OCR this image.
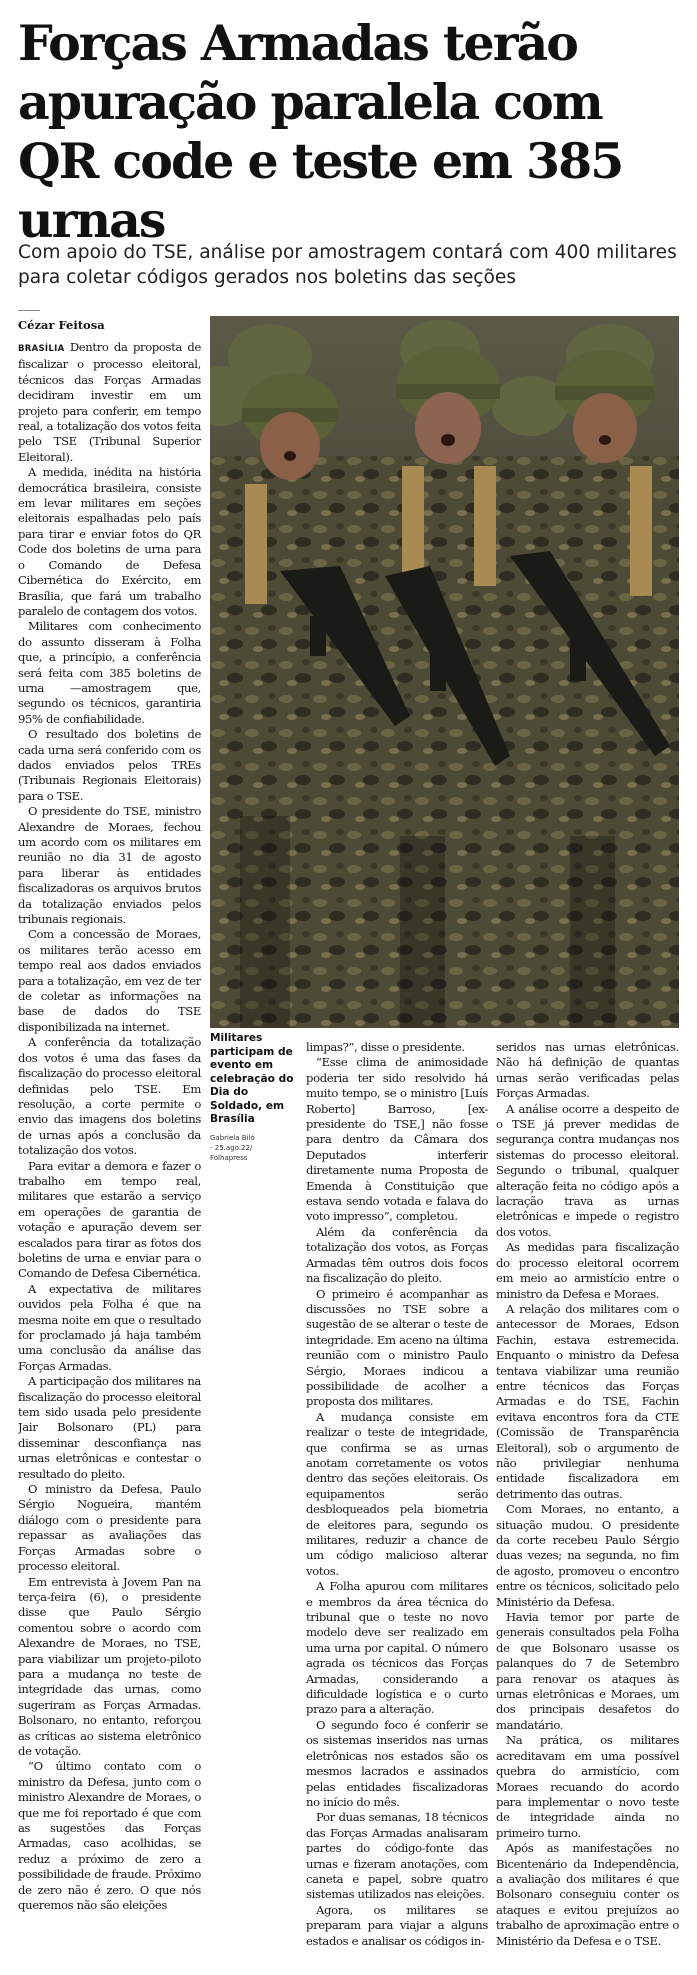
Forças Armadas terão apuração paralela com QR code e teste em 385 urnas

Com apoio do TSE, análise por amostragem contará com 400 militares para coletar códigos gerados nos boletins das seções

Cézar Feitosa

BRASÍLIA Dentro da proposta de fiscalizar o processo eleitoral, técnicos das Forças Armadas decidiram investir em um projeto para conferir, em tempo real, a totalização dos votos feita pelo TSE (Tribunal Superior Eleitoral).

A medida, inédita na história democrática brasileira, consiste em levar militares em seções eleitorais espalhadas pelo país para tirar e enviar fotos do QR Code dos boletins de urna para o Comando de Defesa Cibernética do Exército, em Brasília, que fará um trabalho paralelo de contagem dos votos.

Militares com conhecimento do assunto disseram à Folha que, a princípio, a conferência será feita com 385 boletins de urna —amostragem que, segundo os técnicos, garantiria 95% de confiabilidade.

O resultado dos boletins de cada urna será conferido com os dados enviados pelos TREs (Tribunais Regionais Eleitorais) para o TSE.

O presidente do TSE, ministro Alexandre de Moraes, fechou um acordo com os militares em reunião no dia 31 de agosto para liberar às entidades fiscalizadoras os arquivos brutos da totalização enviados pelos tribunais regionais.

Com a concessão de Moraes, os militares terão acesso em tempo real aos dados enviados para a totalização, em vez de ter de coletar as informações na base de dados do TSE disponibilizada na internet.

A conferência da totalização dos votos é uma das fases da fiscalização do processo eleitoral definidas pelo TSE. Em resolução, a corte permite o envio das imagens dos boletins de urnas após a conclusão da totalização dos votos.

Para evitar a demora e fazer o trabalho em tempo real, militares que estarão a serviço em operações de garantia de votação e apuração devem ser escalados para tirar as fotos dos boletins de urna e enviar para o Comando de Defesa Cibernética.

A expectativa de militares ouvidos pela Folha é que na mesma noite em que o resultado for proclamado já haja também uma conclusão da análise das Forças Armadas.

A participação dos militares na fiscalização do processo eleitoral tem sido usada pelo presidente Jair Bolsonaro (PL) para disseminar desconfiança nas urnas eletrônicas e contestar o resultado do pleito.

O ministro da Defesa, Paulo Sérgio Nogueira, mantém diálogo com o presidente para repassar as avaliações das Forças Armadas sobre o processo eleitoral.

Em entrevista à Jovem Pan na terça-feira (6), o presidente disse que Paulo Sérgio comentou sobre o acordo com Alexandre de Moraes, no TSE, para viabilizar um projeto-piloto para a mudança no teste de integridade das urnas, como sugeriram as Forças Armadas. Bolsonaro, no entanto, reforçou as críticas ao sistema eletrônico de votação.

“O último contato com o ministro da Defesa, junto com o ministro Alexandre de Moraes, o que me foi reportado é que com as sugestões das Forças Armadas, caso acolhidas, se reduz a próximo de zero a possibilidade de fraude. Próximo de zero não é zero. O que nós queremos não são eleições

Militares participam de evento em celebração do Dia do Soldado, em Brasília

Gabriela Biló
- 25.ago.22/
Folhapress

limpas?”, disse o presidente.

“Esse clima de animosidade poderia ter sido resolvido há muito tempo, se o ministro [Luís Roberto] Barroso, [ex-presidente do TSE,] não fosse para dentro da Câmara dos Deputados interferir diretamente numa Proposta de Emenda à Constituição que estava sendo votada e falava do voto impresso”, completou.

Além da conferência da totalização dos votos, as Forças Armadas têm outros dois focos na fiscalização do pleito.

O primeiro é acompanhar as discussões no TSE sobre a sugestão de se alterar o teste de integridade. Em aceno na última reunião com o ministro Paulo Sérgio, Moraes indicou a possibilidade de acolher a proposta dos militares.

A mudança consiste em realizar o teste de integridade, que confirma se as urnas anotam corretamente os votos dentro das seções eleitorais. Os equipamentos serão desbloqueados pela biometria de eleitores para, segundo os militares, reduzir a chance de um código malicioso alterar votos.

A Folha apurou com militares e membros da área técnica do tribunal que o teste no novo modelo deve ser realizado em uma urna por capital. O número agrada os técnicos das Forças Armadas, considerando a dificuldade logística e o curto prazo para a alteração.

O segundo foco é conferir se os sistemas inseridos nas urnas eletrônicas nos estados são os mesmos lacrados e assinados pelas entidades fiscalizadoras no início do mês.

Por duas semanas, 18 técnicos das Forças Armadas analisaram partes do código-fonte das urnas e fizeram anotações, com caneta e papel, sobre quatro sistemas utilizados nas eleições.

Agora, os militares se preparam para viajar a alguns estados e analisar os códigos in-

seridos nas urnas eletrônicas. Não há definição de quantas urnas serão verificadas pelas Forças Armadas.

A análise ocorre a despeito de o TSE já prever medidas de segurança contra mudanças nos sistemas do processo eleitoral. Segundo o tribunal, qualquer alteração feita no código após a lacração trava as urnas eletrônicas e impede o registro dos votos.

As medidas para fiscalização do processo eleitoral ocorrem em meio ao armistício entre o ministro da Defesa e Moraes.

A relação dos militares com o antecessor de Moraes, Edson Fachin, estava estremecida. Enquanto o ministro da Defesa tentava viabilizar uma reunião entre técnicos das Forças Armadas e do TSE, Fachin evitava encontros fora da CTE (Comissão de Transparência Eleitoral), sob o argumento de não privilegiar nenhuma entidade fiscalizadora em detrimento das outras.

Com Moraes, no entanto, a situação mudou. O presidente da corte recebeu Paulo Sérgio duas vezes; na segunda, no fim de agosto, promoveu o encontro entre os técnicos, solicitado pelo Ministério da Defesa.

Havia temor por parte de generais consultados pela Folha de que Bolsonaro usasse os palanques do 7 de Setembro para renovar os ataques às urnas eletrônicas e Moraes, um dos principais desafetos do mandatário.

Na prática, os militares acreditavam em uma possível quebra do armistício, com Moraes recuando do acordo para implementar o novo teste de integridade ainda no primeiro turno.

Após as manifestações no Bicentenário da Independência, a avaliação dos militares é que Bolsonaro conseguiu conter os ataques e evitou prejuízos ao trabalho de aproximação entre o Ministério da Defesa e o TSE.
